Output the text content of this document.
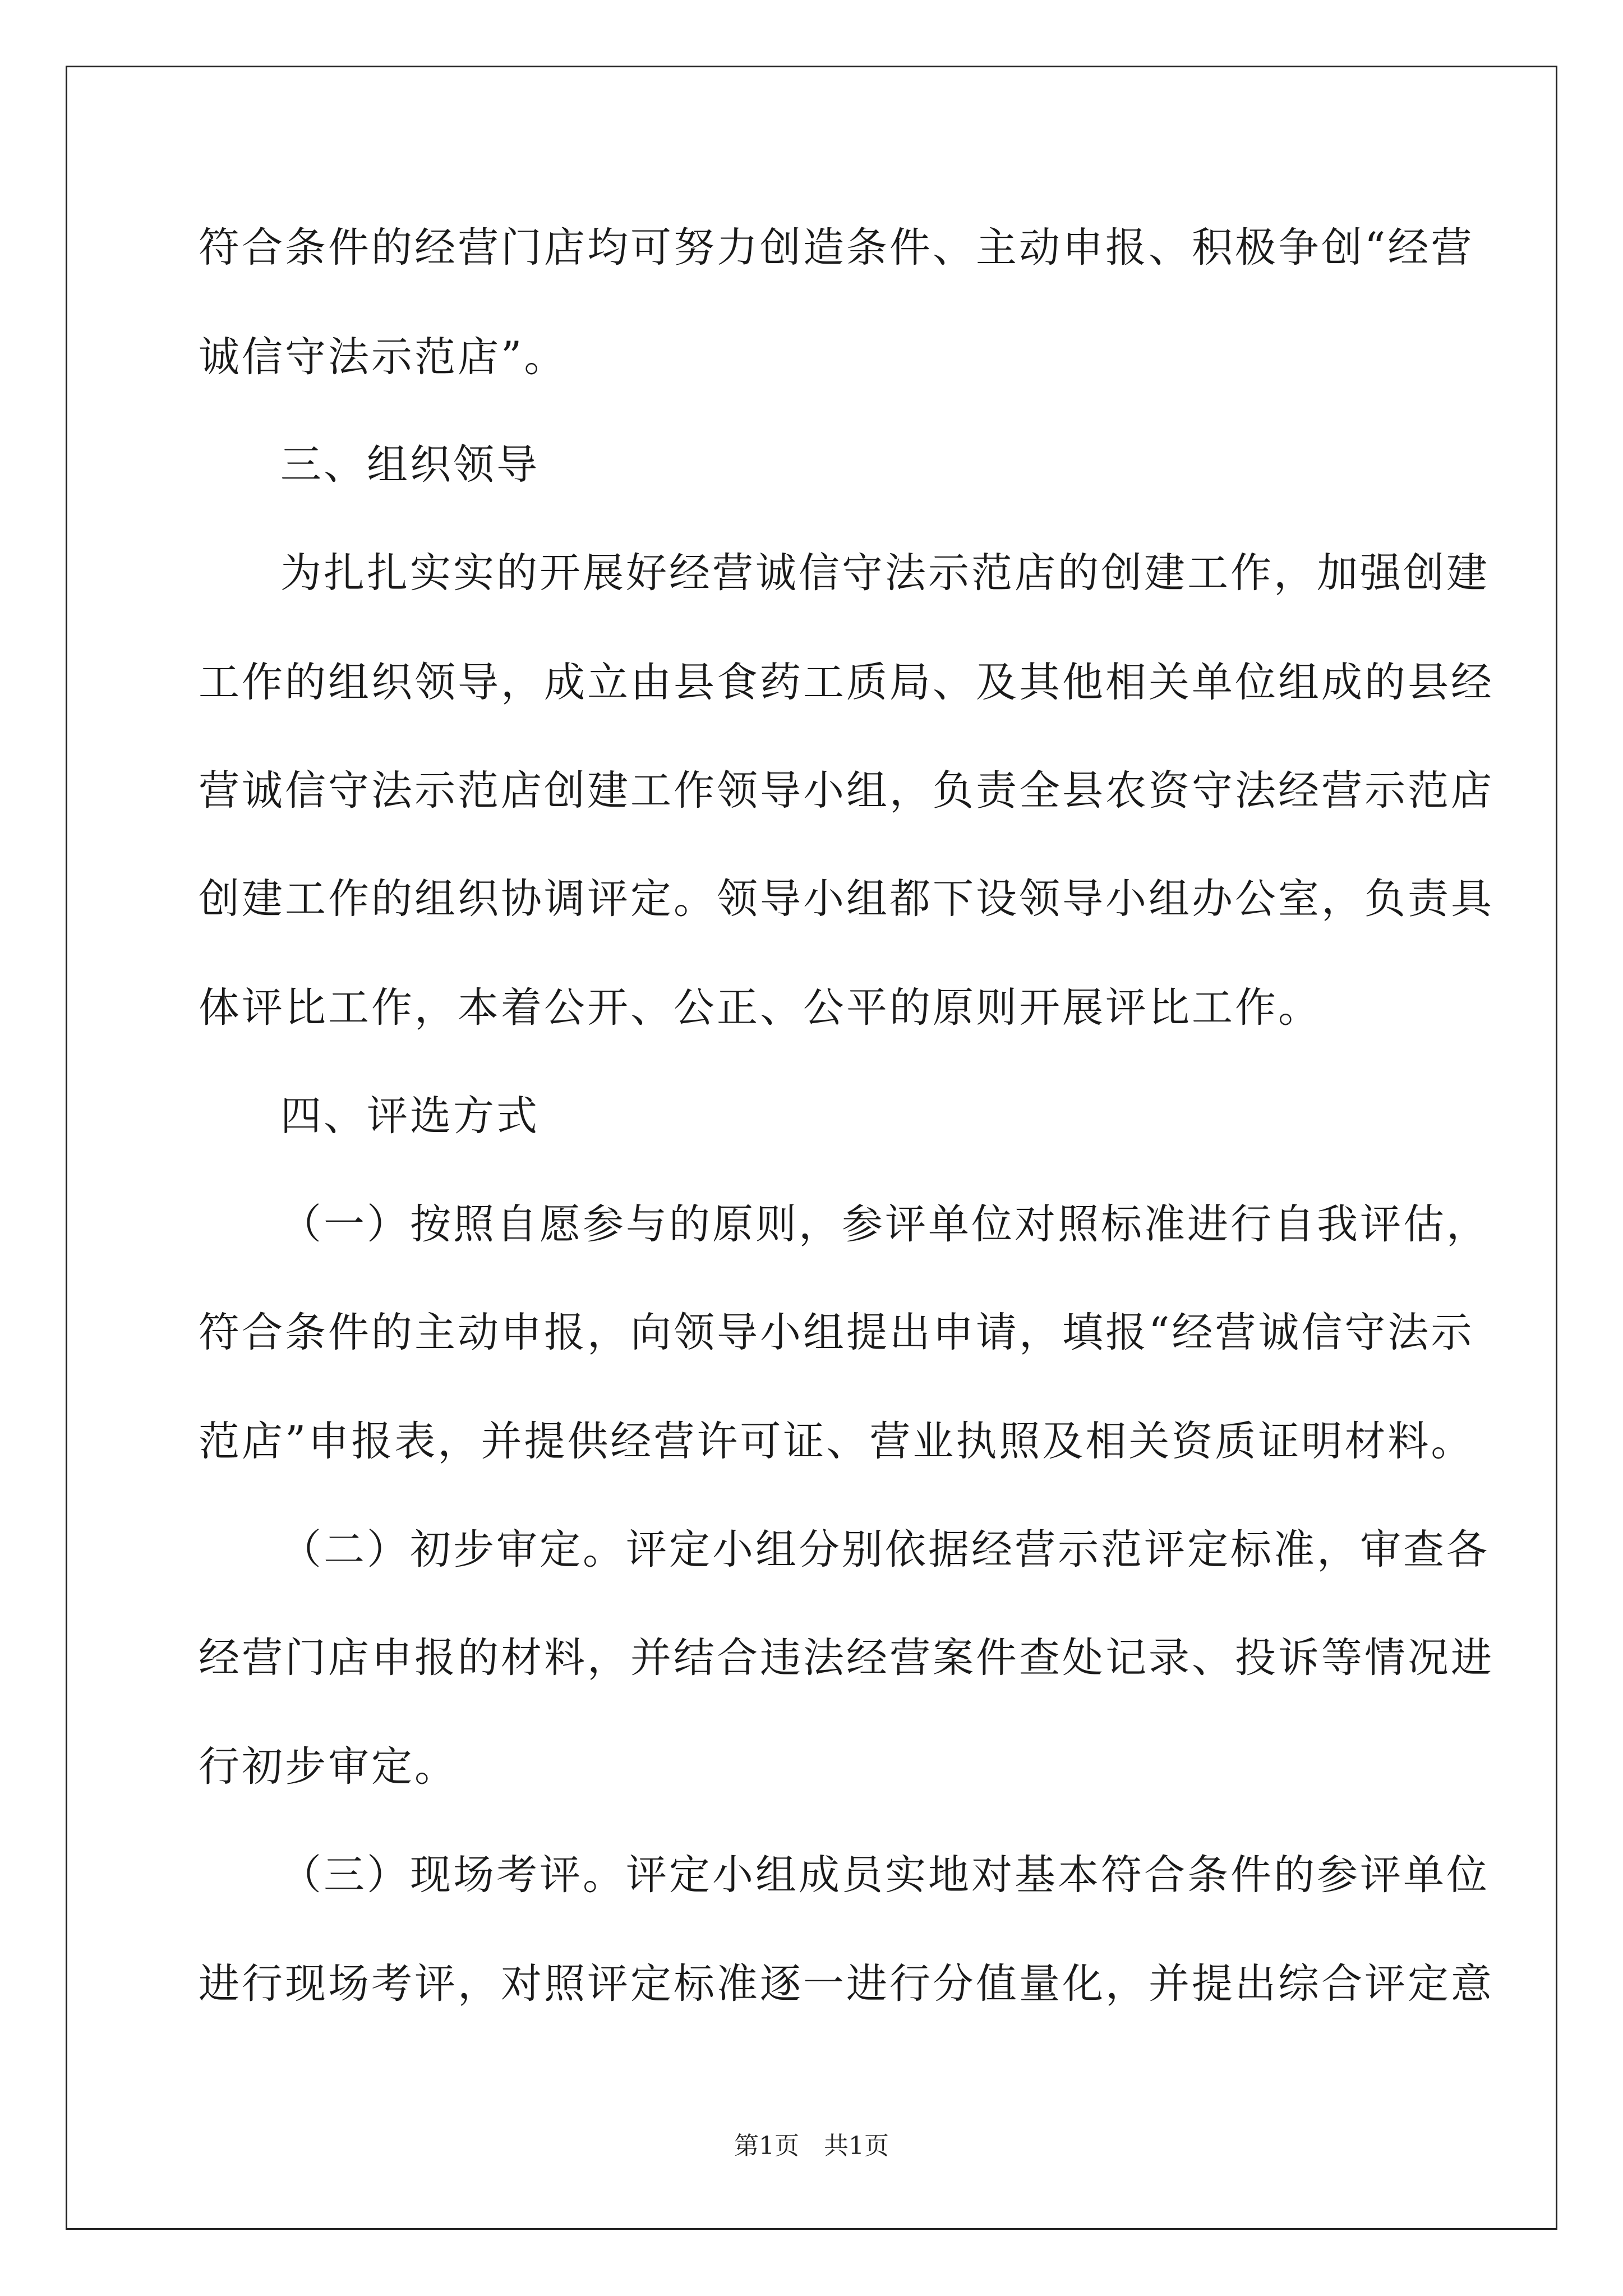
符合条件的经营门店均可努力创造条件、主动申报、积极争创“经营
诚信守法示范店”。
三、组织领导
为扎扎实实的开展好经营诚信守法示范店的创建工作，加强创建
工作的组织领导，成立由县食药工质局、及其他相关单位组成的县经
营诚信守法示范店创建工作领导小组，负责全县农资守法经营示范店
创建工作的组织协调评定。领导小组都下设领导小组办公室，负责具
体评比工作，本着公开、公正、公平的原则开展评比工作。
四、评选方式
（一）按照自愿参与的原则，参评单位对照标准进行自我评估，
符合条件的主动申报，向领导小组提出申请，填报“经营诚信守法示
范店”申报表，并提供经营许可证、营业执照及相关资质证明材料。
（二）初步审定。评定小组分别依据经营示范评定标准，审查各
经营门店申报的材料，并结合违法经营案件查处记录、投诉等情况进
行初步审定。
（三）现场考评。评定小组成员实地对基本符合条件的参评单位
进行现场考评，对照评定标准逐一进行分值量化，并提出综合评定意
第1页　共1页
